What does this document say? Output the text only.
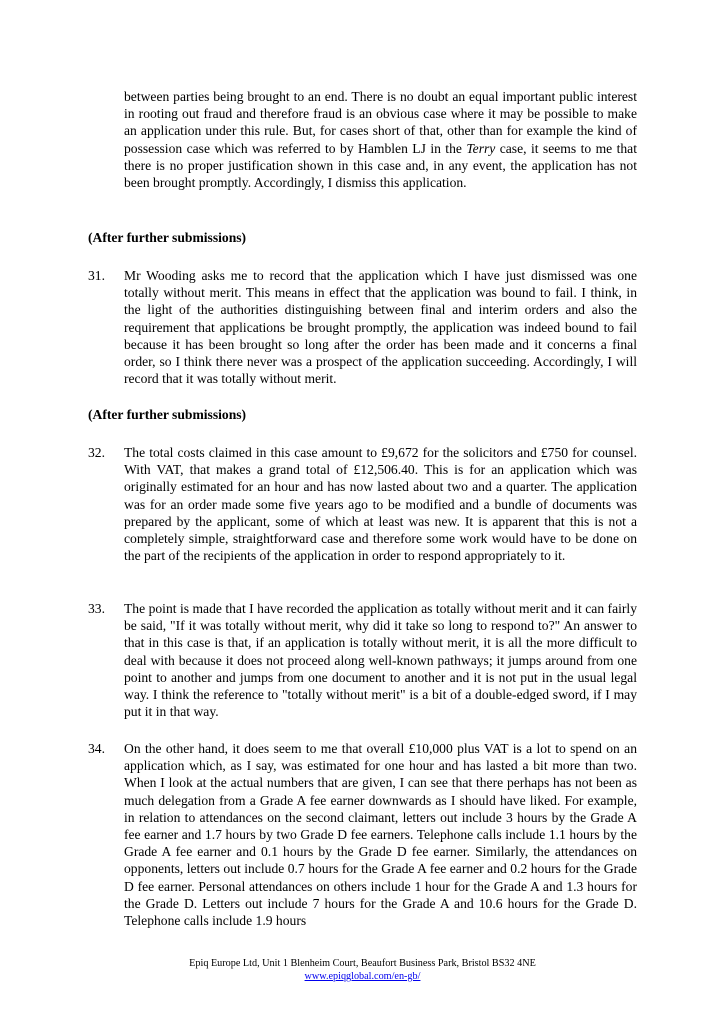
between parties being brought to an end. There is no doubt an equal important public interest in rooting out fraud and therefore fraud is an obvious case where it may be possible to make an application under this rule. But, for cases short of that, other than for example the kind of possession case which was referred to by Hamblen LJ in the Terry case, it seems to me that there is no proper justification shown in this case and, in any event, the application has not been brought promptly. Accordingly, I dismiss this application.

(After further submissions)

31. Mr Wooding asks me to record that the application which I have just dismissed was one totally without merit. This means in effect that the application was bound to fail. I think, in the light of the authorities distinguishing between final and interim orders and also the requirement that applications be brought promptly, the application was indeed bound to fail because it has been brought so long after the order has been made and it concerns a final order, so I think there never was a prospect of the application succeeding. Accordingly, I will record that it was totally without merit.

(After further submissions)

32. The total costs claimed in this case amount to £9,672 for the solicitors and £750 for counsel. With VAT, that makes a grand total of £12,506.40. This is for an application which was originally estimated for an hour and has now lasted about two and a quarter. The application was for an order made some five years ago to be modified and a bundle of documents was prepared by the applicant, some of which at least was new. It is apparent that this is not a completely simple, straightforward case and therefore some work would have to be done on the part of the recipients of the application in order to respond appropriately to it.

33. The point is made that I have recorded the application as totally without merit and it can fairly be said, "If it was totally without merit, why did it take so long to respond to?" An answer to that in this case is that, if an application is totally without merit, it is all the more difficult to deal with because it does not proceed along well-known pathways; it jumps around from one point to another and jumps from one document to another and it is not put in the usual legal way. I think the reference to "totally without merit" is a bit of a double-edged sword, if I may put it in that way.

34. On the other hand, it does seem to me that overall £10,000 plus VAT is a lot to spend on an application which, as I say, was estimated for one hour and has lasted a bit more than two. When I look at the actual numbers that are given, I can see that there perhaps has not been as much delegation from a Grade A fee earner downwards as I should have liked. For example, in relation to attendances on the second claimant, letters out include 3 hours by the Grade A fee earner and 1.7 hours by two Grade D fee earners. Telephone calls include 1.1 hours by the Grade A fee earner and 0.1 hours by the Grade D fee earner. Similarly, the attendances on opponents, letters out include 0.7 hours for the Grade A fee earner and 0.2 hours for the Grade D fee earner. Personal attendances on others include 1 hour for the Grade A and 1.3 hours for the Grade D. Letters out include 7 hours for the Grade A and 10.6 hours for the Grade D. Telephone calls include 1.9 hours

Epiq Europe Ltd, Unit 1 Blenheim Court, Beaufort Business Park, Bristol BS32 4NE
www.epiqglobal.com/en-gb/
